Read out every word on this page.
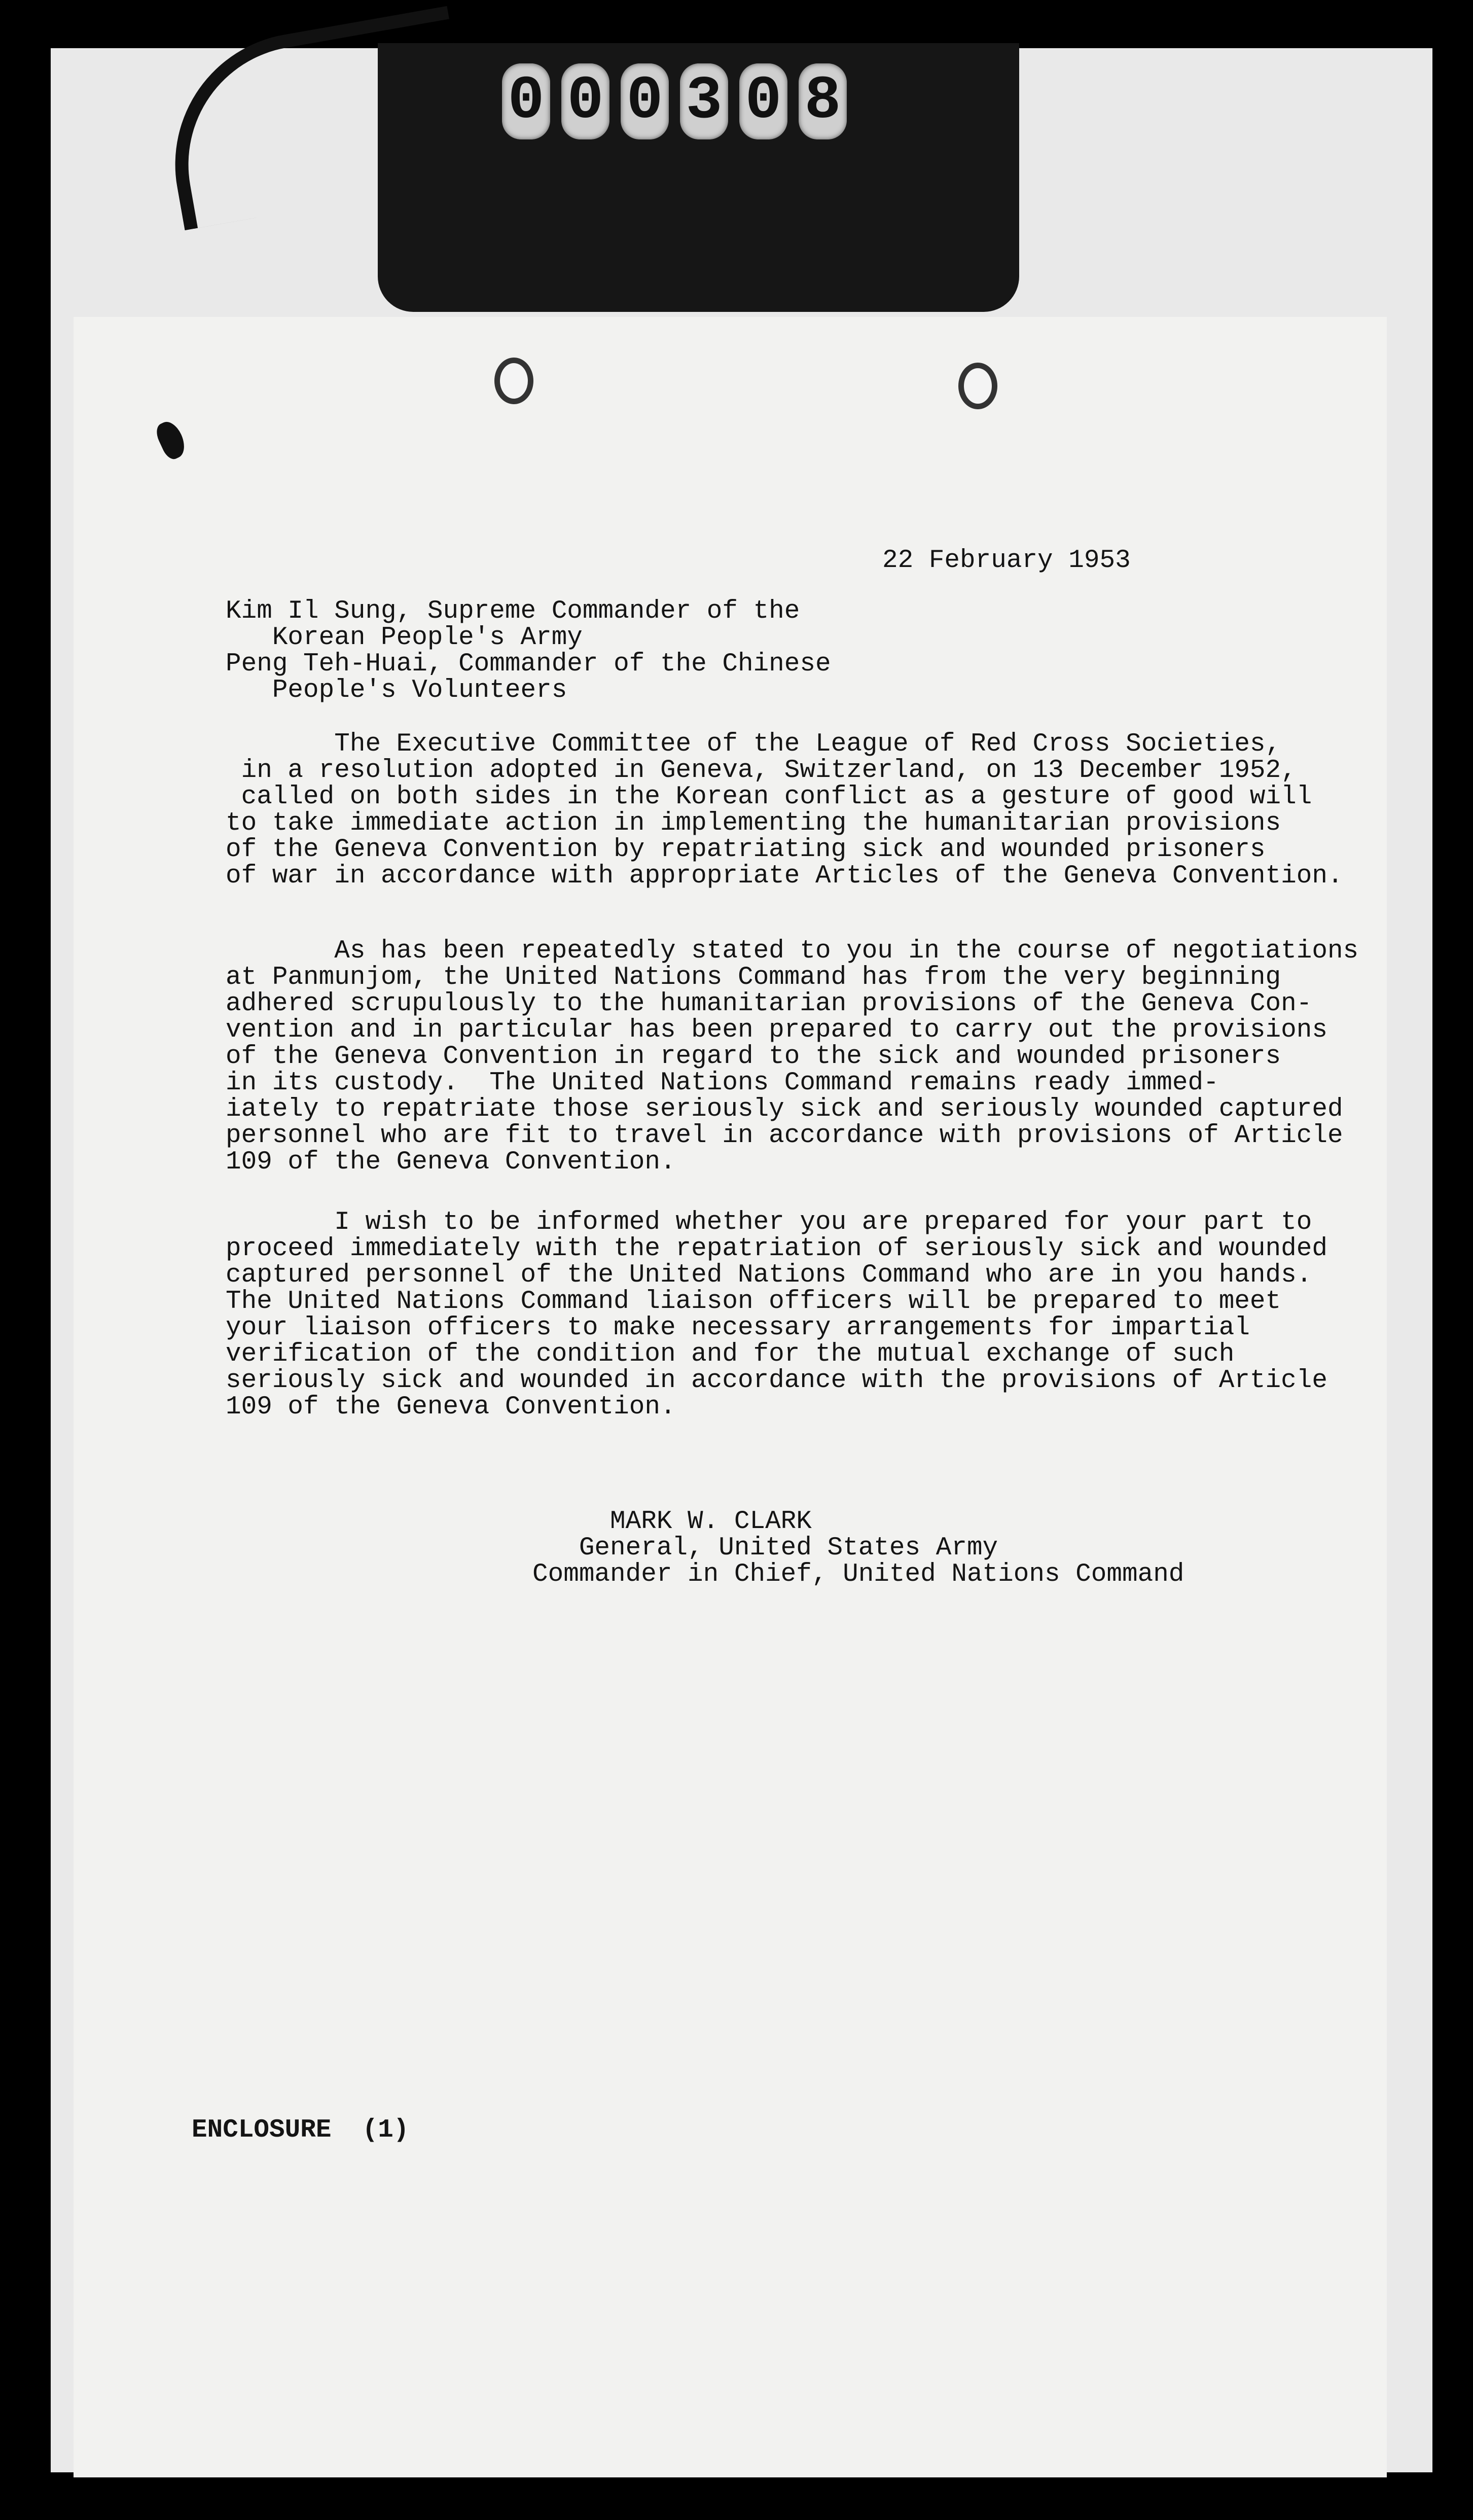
0 0 0 3 0 8
22 February 1953
Kim Il Sung, Supreme Commander of the
Korean People's Army
Peng Teh-Huai, Commander of the Chinese
People's Volunteers
The Executive Committee of the League of Red Cross Societies,
in a resolution adopted in Geneva, Switzerland, on 13 December 1952,
called on both sides in the Korean conflict as a gesture of good will
to take immediate action in implementing the humanitarian provisions
of the Geneva Convention by repatriating sick and wounded prisoners
of war in accordance with appropriate Articles of the Geneva Convention.
As has been repeatedly stated to you in the course of negotiations
at Panmunjom, the United Nations Command has from the very beginning
adhered scrupulously to the humanitarian provisions of the Geneva Con-
vention and in particular has been prepared to carry out the provisions
of the Geneva Convention in regard to the sick and wounded prisoners
in its custody.  The United Nations Command remains ready immed-
iately to repatriate those seriously sick and seriously wounded captured
personnel who are fit to travel in accordance with provisions of Article
109 of the Geneva Convention.
I wish to be informed whether you are prepared for your part to
proceed immediately with the repatriation of seriously sick and wounded
captured personnel of the United Nations Command who are in you hands.
The United Nations Command liaison officers will be prepared to meet
your liaison officers to make necessary arrangements for impartial
verification of the condition and for the mutual exchange of such
seriously sick and wounded in accordance with the provisions of Article
109 of the Geneva Convention.
MARK W. CLARK
General, United States Army
Commander in Chief, United Nations Command
ENCLOSURE  (1)
